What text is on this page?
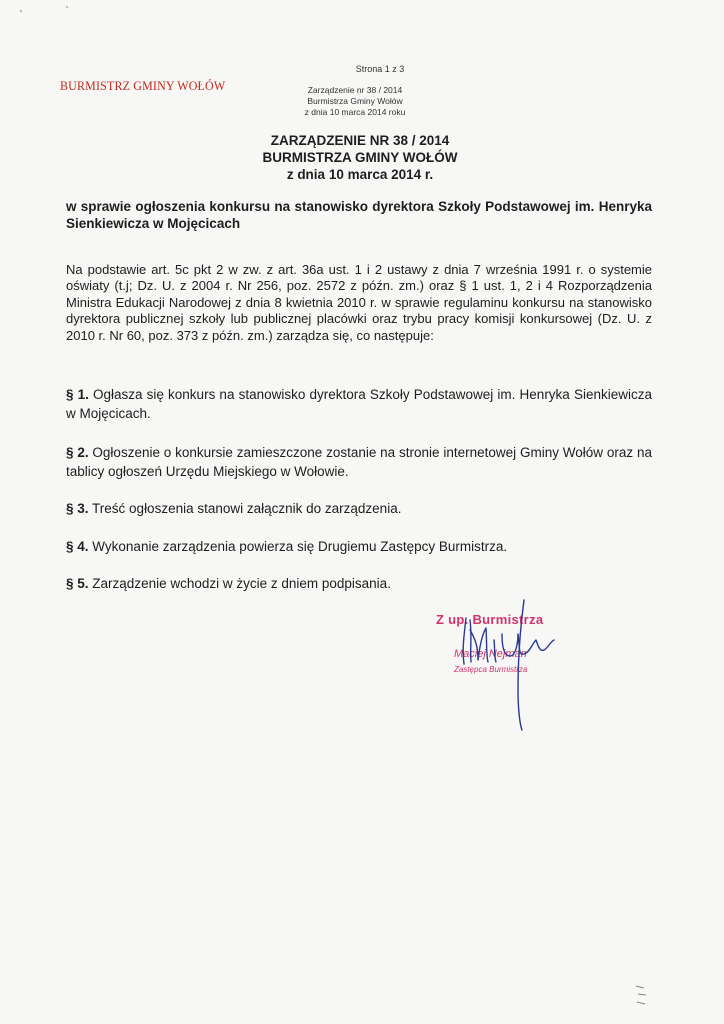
BURMISTRZ GMINY WOŁÓW
Strona 1 z 3
Zarządzenie nr 38 / 2014
Burmistrza Gminy Wołów
z dnia 10 marca 2014 roku
ZARZĄDZENIE NR 38 / 2014
BURMISTRZA GMINY WOŁÓW
z dnia 10 marca 2014 r.
w sprawie ogłoszenia konkursu na stanowisko dyrektora Szkoły Podstawowej im. Henryka Sienkiewicza w Mojęcicach
Na podstawie art. 5c pkt 2 w zw. z art. 36a ust. 1 i 2 ustawy z dnia 7 września 1991 r. o systemie oświaty (t.j; Dz. U. z 2004 r. Nr 256, poz. 2572 z późn. zm.) oraz § 1 ust. 1, 2 i 4 Rozporządzenia Ministra Edukacji Narodowej z dnia 8 kwietnia 2010 r. w sprawie regulaminu konkursu na stanowisko dyrektora publicznej szkoły lub publicznej placówki oraz trybu pracy komisji konkursowej (Dz. U. z 2010 r. Nr 60, poz. 373 z późn. zm.) zarządza się, co następuje:
§ 1. Ogłasza się konkurs na stanowisko dyrektora Szkoły Podstawowej im. Henryka Sienkiewicza w Mojęcicach.
§ 2. Ogłoszenie o konkursie zamieszczone zostanie na stronie internetowej Gminy Wołów oraz na tablicy ogłoszeń Urzędu Miejskiego w Wołowie.
§ 3. Treść ogłoszenia stanowi załącznik do zarządzenia.
§ 4. Wykonanie zarządzenia powierza się Drugiemu Zastępcy Burmistrza.
§ 5. Zarządzenie wchodzi w życie z dniem podpisania.
Z up. Burmistrza
Maciej Nejman
Zastępca Burmistrza
